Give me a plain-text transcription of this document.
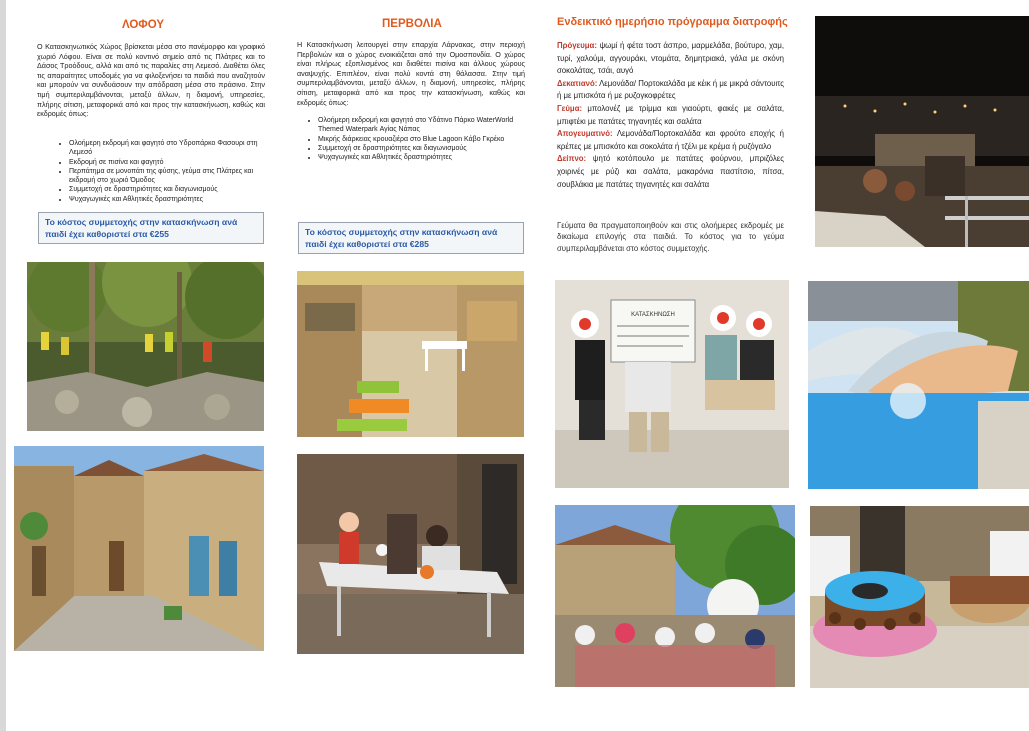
ΛΟΦΟΥ
Ο Κατασκηνωτικός Χώρος βρίσκεται μέσα στο πανέμορφο και γραφικό χωριό Λόφου. Είναι σε πολύ κοντινό σημείο από τις Πλάτρες και το Δάσος Τροόδους, αλλά και από τις παραλίες στη Λεμεσό. Διαθέτει όλες τις απαραίτητες υποδομές για να φιλοξενήσει τα παιδιά που αναζητούν και μπορούν να συνδυάσουν την απόδραση μέσα στο πράσινο. Στην τιμή συμπεριλαμβάνονται, μεταξύ άλλων, η διαμονή, υπηρεσίες, πλήρης σίτιση, μεταφορικά από και προς την κατασκήνωση, καθώς και εκδρομές όπως:
• Ολοήμερη εκδρομή και φαγητό στο Υδροπάρκο Φασουρι στη Λεμεσό
• Εκδρομή σε πισίνα και φαγητό
• Περπάτημα σε μονοπάτι της φύσης, γεύμα στις Πλάτρες και εκδρομή στο χωριό Όμοδος
• Συμμετοχή σε δραστηριότητες και διαγωνισμούς
• Ψυχαγωγικές και Αθλητικές δραστηριότητες
Το κόστος συμμετοχής στην κατασκήνωση ανά παιδί έχει καθοριστεί στα €255
ΠΕΡΒΟΛΙΑ
Η Κατασκήνωση λειτουργεί στην επαρχία Λάρνακας, στην περιοχή Περβολιών και ο χώρος ενοικιάζεται από την Ομοσπονδία. Ο χώρος είναι πλήρως εξοπλισμένος και διαθέτει πισίνα και άλλους χώρους αναψυχής. Επιπλέον, είναι πολύ κοντά στη θάλασσα. Στην τιμή συμπεριλαμβάνονται, μεταξύ άλλων, η διαμονή, υπηρεσίες, πλήρης σίτιση, μεταφορικά από και προς την κατασκήνωση, καθώς και εκδρομές όπως:
• Ολοήμερη εκδρομή και φαγητό στο Υδάτινο Πάρκο WaterWorld Themed Waterpark Αγίας Νάπας
• Μικρής διάρκειας κρουαζιέρα στο Blue Lagoon Κάβο Γκρέκο
• Συμμετοχή σε δραστηριότητες και διαγωνισμούς
• Ψυχαγωγικές και Αθλητικές δραστηριότητες
Το κόστος συμμετοχής στην κατασκήνωση ανά παιδί έχει καθοριστεί στα €285
Ενδεικτικό ημερήσιο πρόγραμμα διατροφής

Πρόγευμα: ψωμί ή φέτα τοστ άσπρο, μαρμελάδα, βούτυρο, χαμ, τυρί, χαλούμι, αγγουράκι, ντομάτα, δημητριακά, γάλα με σκόνη σοκολάτας, τσάι, αυγό

Δεκατιανό: Λεμονάδα/ Πορτοκαλάδα με κέικ ή με μικρά σάντουιτς ή με μπισκότα ή με ρυζογκοφρέτες

Γεύμα: μπολονέζ με τρίμμα και γιαούρτι, φακές με σαλάτα, μπιφτέκι με πατάτες τηγανητές και σαλάτα

Απογευματινό: Λεμονάδα/Πορτοκαλάδα και φρούτο εποχής ή κρέπες με μπισκότο και σοκολάτα ή τζέλι με κρέμα ή ρυζόγαλο

Δείπνο: ψητό κοτόπουλο με πατάτες φούρνου, μπριζόλες χοιρινές με ρύζι και σαλάτα, μακαρόνια παστίτσιο, πίτσα, σουβλάκια με πατάτες τηγανητές και σαλάτα

Γεύματα θα πραγματοποιηθούν και στις ολοήμερες εκδρομές με δικαίωμα επιλογής στα παιδιά. Το κόστος για το γεύμα συμπεριλαμβάνεται στο κόστος συμμετοχής.
ΚΑΤΑΣΚΗΝΩΣΗ
